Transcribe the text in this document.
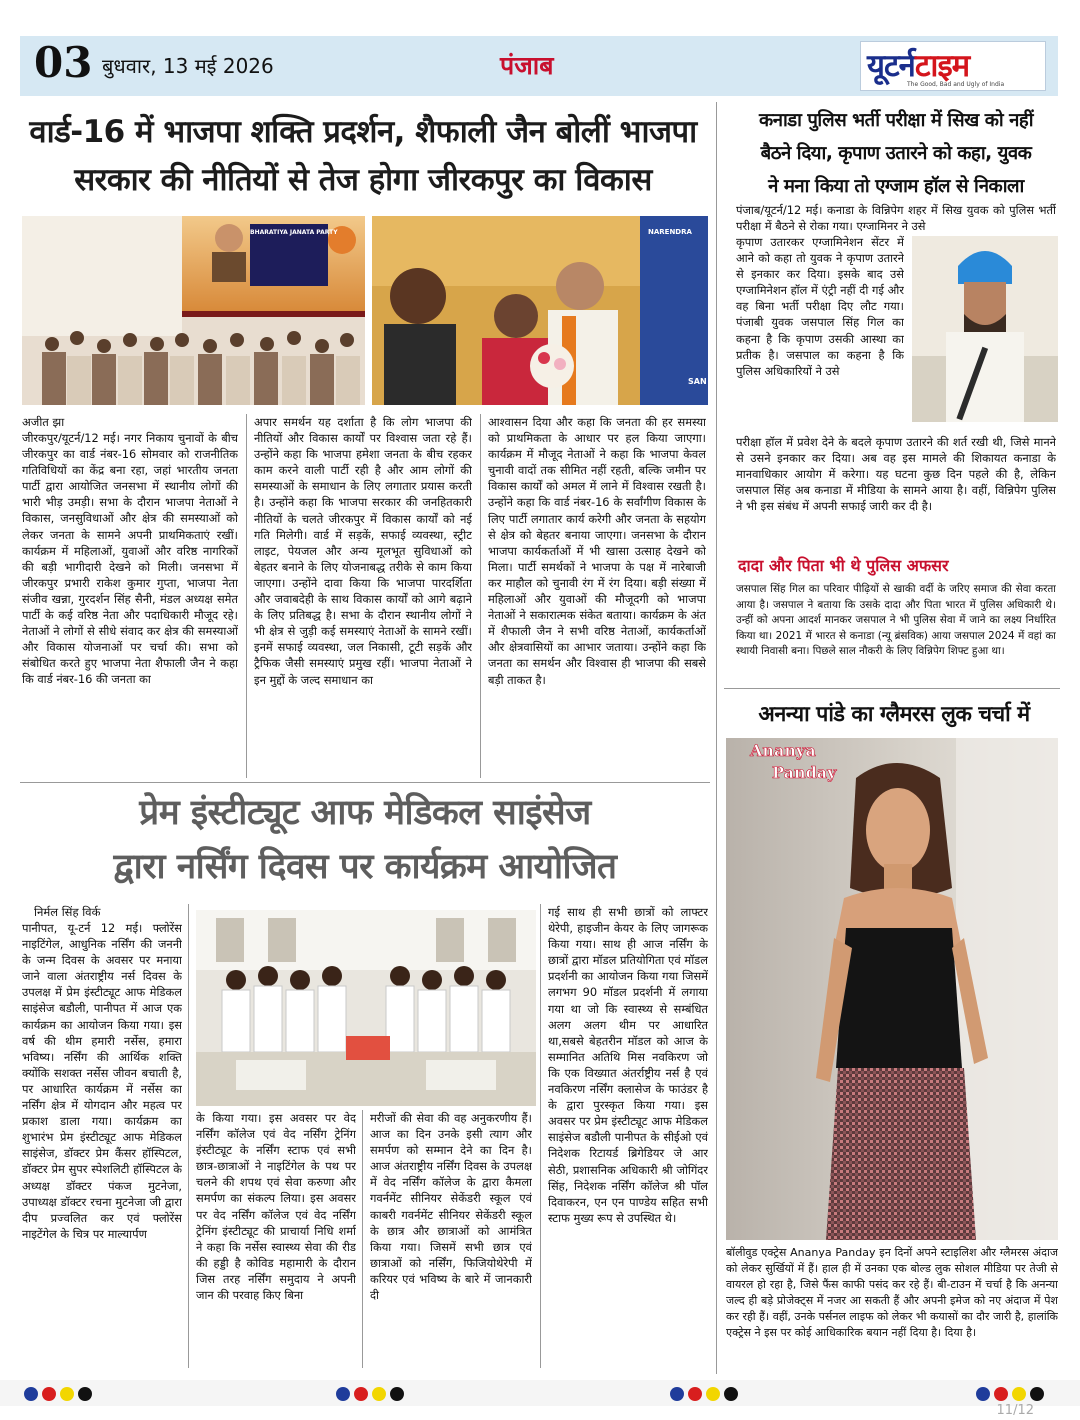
03 बुधवार, 13 मई 2026	पंजाब	यूटर्नटाइम
The Good, Bad and Ugly of India
वार्ड-16 में भाजपा शक्ति प्रदर्शन, शैफाली जैन बोलीं भाजपा
सरकार की नीतियों से तेज होगा जीरकपुर का विकास
BHARATIYA JANATA PARTY	NARENDRA
SAN
अजीत झा
जीरकपुर/यूटर्न/12 मई। नगर निकाय चुनावों के बीच जीरकपुर का वार्ड नंबर-16 सोमवार को राजनीतिक गतिविधियों का केंद्र बना रहा, जहां भारतीय जनता पार्टी द्वारा आयोजित जनसभा में स्थानीय लोगों की भारी भीड़ उमड़ी। सभा के दौरान भाजपा नेताओं ने विकास, जनसुविधाओं और क्षेत्र की समस्याओं को लेकर जनता के सामने अपनी प्राथमिकताएं रखीं। कार्यक्रम में महिलाओं, युवाओं और वरिष्ठ नागरिकों की बड़ी भागीदारी देखने को मिली। जनसभा में जीरकपुर प्रभारी राकेश कुमार गुप्ता, भाजपा नेता संजीव खन्ना, गुरदर्शन सिंह सैनी, मंडल अध्यक्ष समेत पार्टी के कई वरिष्ठ नेता और पदाधिकारी मौजूद रहे। नेताओं ने लोगों से सीधे संवाद कर क्षेत्र की समस्याओं और विकास योजनाओं पर चर्चा की। सभा को संबोधित करते हुए भाजपा नेता शैफाली जैन ने कहा कि वार्ड नंबर-16 की जनता का
अपार समर्थन यह दर्शाता है कि लोग भाजपा की नीतियों और विकास कार्यों पर विश्वास जता रहे हैं। उन्होंने कहा कि भाजपा हमेशा जनता के बीच रहकर काम करने वाली पार्टी रही है और आम लोगों की समस्याओं के समाधान के लिए लगातार प्रयास करती है। उन्होंने कहा कि भाजपा सरकार की जनहितकारी नीतियों के चलते जीरकपुर में विकास कार्यों को नई गति मिलेगी। वार्ड में सड़कें, सफाई व्यवस्था, स्ट्रीट लाइट, पेयजल और अन्य मूलभूत सुविधाओं को बेहतर बनाने के लिए योजनाबद्ध तरीके से काम किया जाएगा। उन्होंने दावा किया कि भाजपा पारदर्शिता और जवाबदेही के साथ विकास कार्यों को आगे बढ़ाने के लिए प्रतिबद्ध है। सभा के दौरान स्थानीय लोगों ने भी क्षेत्र से जुड़ी कई समस्याएं नेताओं के सामने रखीं। इनमें सफाई व्यवस्था, जल निकासी, टूटी सड़कें और ट्रैफिक जैसी समस्याएं प्रमुख रहीं। भाजपा नेताओं ने इन मुद्दों के जल्द समाधान का
आश्वासन दिया और कहा कि जनता की हर समस्या को प्राथमिकता के आधार पर हल किया जाएगा। कार्यक्रम में मौजूद नेताओं ने कहा कि भाजपा केवल चुनावी वादों तक सीमित नहीं रहती, बल्कि जमीन पर विकास कार्यों को अमल में लाने में विश्वास रखती है। उन्होंने कहा कि वार्ड नंबर-16 के सर्वांगीण विकास के लिए पार्टी लगातार कार्य करेगी और जनता के सहयोग से क्षेत्र को बेहतर बनाया जाएगा। जनसभा के दौरान भाजपा कार्यकर्ताओं में भी खासा उत्साह देखने को मिला। पार्टी समर्थकों ने भाजपा के पक्ष में नारेबाजी कर माहौल को चुनावी रंग में रंग दिया। बड़ी संख्या में महिलाओं और युवाओं की मौजूदगी को भाजपा नेताओं ने सकारात्मक संकेत बताया। कार्यक्रम के अंत में शैफाली जैन ने सभी वरिष्ठ नेताओं, कार्यकर्ताओं और क्षेत्रवासियों का आभार जताया। उन्होंने कहा कि जनता का समर्थन और विश्वास ही भाजपा की सबसे बड़ी ताकत है।
कनाडा पुलिस भर्ती परीक्षा में सिख को नहीं
बैठने दिया, कृपाण उतारने को कहा, युवक
ने मना किया तो एग्जाम हॉल से निकाला
पंजाब/यूटर्न/12 मई। कनाडा के विन्निपेग शहर में सिख युवक को पुलिस भर्ती परीक्षा में बैठने से रोका गया। एग्जामिनर ने उसे
कृपाण उतारकर एग्जामिनेशन सेंटर में आने को कहा तो युवक ने कृपाण उतारने से इनकार कर दिया। इसके बाद उसे एग्जामिनेशन हॉल में एंट्री नहीं दी गई और वह बिना भर्ती परीक्षा दिए लौट गया। पंजाबी युवक जसपाल सिंह गिल का कहना है कि कृपाण उसकी आस्था का प्रतीक है। जसपाल का कहना है कि पुलिस अधिकारियों ने उसे
परीक्षा हॉल में प्रवेश देने के बदले कृपाण उतारने की शर्त रखी थी, जिसे मानने से उसने इनकार कर दिया। अब वह इस मामले की शिकायत कनाडा के मानवाधिकार आयोग में करेगा। यह घटना कुछ दिन पहले की है, लेकिन जसपाल सिंह अब कनाडा में मीडिया के सामने आया है। वहीं, विन्निपेग पुलिस ने भी इस संबंध में अपनी सफाई जारी कर दी है।
दादा और पिता भी थे पुलिस अफसर
जसपाल सिंह गिल का परिवार पीढ़ियों से खाकी वर्दी के जरिए समाज की सेवा करता आया है। जसपाल ने बताया कि उसके दादा और पिता भारत में पुलिस अधिकारी थे। उन्हीं को अपना आदर्श मानकर जसपाल ने भी पुलिस सेवा में जाने का लक्ष्य निर्धारित किया था। 2021 में भारत से कनाडा (न्यू ब्रंसविक) आया जसपाल 2024 में वहां का स्थायी निवासी बना। पिछले साल नौकरी के लिए विन्निपेग शिफ्ट हुआ था।
अनन्या पांडे का ग्लैमरस लुक चर्चा में
Ananya
Panday
बॉलीवुड एक्ट्रेस Ananya Panday इन दिनों अपने स्टाइलिश और ग्लैमरस अंदाज को लेकर सुर्खियों में हैं। हाल ही में उनका एक बोल्ड लुक सोशल मीडिया पर तेजी से वायरल हो रहा है, जिसे फैंस काफी पसंद कर रहे हैं। बी-टाउन में चर्चा है कि अनन्या जल्द ही बड़े प्रोजेक्ट्स में नजर आ सकती हैं और अपनी इमेज को नए अंदाज में पेश कर रही हैं। वहीं, उनके पर्सनल लाइफ को लेकर भी कयासों का दौर जारी है, हालांकि एक्ट्रेस ने इस पर कोई आधिकारिक बयान नहीं दिया है। दिया है।
प्रेम इंस्टीट्यूट आफ मेडिकल साइंसेज
द्वारा नर्सिंग दिवस पर कार्यक्रम आयोजित
निर्मल सिंह विर्क
पानीपत, यू-टर्न 12 मई। फ्लोरेंस नाइटिंगेल, आधुनिक नर्सिंग की जननी के जन्म दिवस के अवसर पर मनाया जाने वाला अंतराष्ट्रीय नर्स दिवस के उपलक्ष में प्रेम इंस्टीट्यूट आफ मेडिकल साइंसेज बडौली, पानीपत में आज एक कार्यक्रम का आयोजन किया गया। इस वर्ष की थीम हमारी नर्सेस, हमारा भविष्य। नर्सिंग की आर्थिक शक्ति क्योंकि सशक्त नर्सेस जीवन बचाती है, पर आधारित कार्यक्रम में नर्सेस का नर्सिंग क्षेत्र में योगदान और महत्व पर प्रकाश डाला गया। कार्यक्रम का शुभारंभ प्रेम इंस्टीट्यूट आफ मेडिकल साइंसेज, डॉक्टर प्रेम कैंसर हॉस्पिटल, डॉक्टर प्रेम सुपर स्पेशलिटी हॉस्पिटल के अध्यक्ष डॉक्टर पंकज मुटनेजा, उपाध्यक्ष डॉक्टर रचना मुटनेजा जी द्वारा दीप प्रज्वलित कर एवं फ्लोरेंस नाइटेंगेल के चित्र पर माल्यार्पण
के किया गया। इस अवसर पर वेद नर्सिंग कॉलेज एवं वेद नर्सिंग ट्रेनिंग इंस्टीट्यूट के नर्सिंग स्टाफ एवं सभी छात्र-छात्राओं ने नाइटिंगेल के पथ पर चलने की शपथ एवं सेवा करुणा और समर्पण का संकल्प लिया। इस अवसर पर वेद नर्सिंग कॉलेज एवं वेद नर्सिंग ट्रेनिंग इंस्टीट्यूट की प्राचार्या निधि शर्मा ने कहा कि नर्सेस स्वास्थ्य सेवा की रीड की हड्डी है कोविड महामारी के दौरान जिस तरह नर्सिंग समुदाय ने अपनी जान की परवाह किए बिना
मरीजों की सेवा की वह अनुकरणीय हैं। आज का दिन उनके इसी त्याग और समर्पण को सम्मान देने का दिन है। आज अंतराष्ट्रीय नर्सिंग दिवस के उपलक्ष में वेद नर्सिंग कॉलेज के द्वारा कैमला गवर्नमेंट सीनियर सेकेंडरी स्कूल एवं काबरी गवर्नमेंट सीनियर सेकेंडरी स्कूल के छात्र और छात्राओं को आमंत्रित किया गया। जिसमें सभी छात्र एवं छात्राओं को नर्सिंग, फिजियोथेरेपी में करियर एवं भविष्य के बारे में जानकारी दी
गई साथ ही सभी छात्रों को लाफ्टर थेरेपी, हाइजीन केयर के लिए जागरूक किया गया। साथ ही आज नर्सिंग के छात्रों द्वारा मॉडल प्रतियोगिता एवं मॉडल प्रदर्शनी का आयोजन किया गया जिसमें लगभग 90 मॉडल प्रदर्शनी में लगाया गया था जो कि स्वास्थ्य से सम्बंधित अलग अलग थीम पर आधारित था,सबसे बेहतरीन मॉडल को आज के सम्मानित अतिथि मिस नवकिरण जो कि एक विख्यात अंतर्राष्ट्रीय नर्स है एवं नवकिरण नर्सिंग क्लासेज के फाउंडर है के द्वारा पुरस्कृत किया गया। इस अवसर पर प्रेम इंस्टीट्यूट आफ मेडिकल साइंसेज बडौली पानीपत के सीईओ एवं निदेशक रिटायर्ड ब्रिगेडियर जे आर सेठी, प्रशासनिक अधिकारी श्री जोगिंदर सिंह, निदेशक नर्सिंग कॉलेज श्री पॉल दिवाकरन, एन एन पाण्डेय सहित सभी स्टाफ मुख्य रूप से उपस्थित थे।
11/12
